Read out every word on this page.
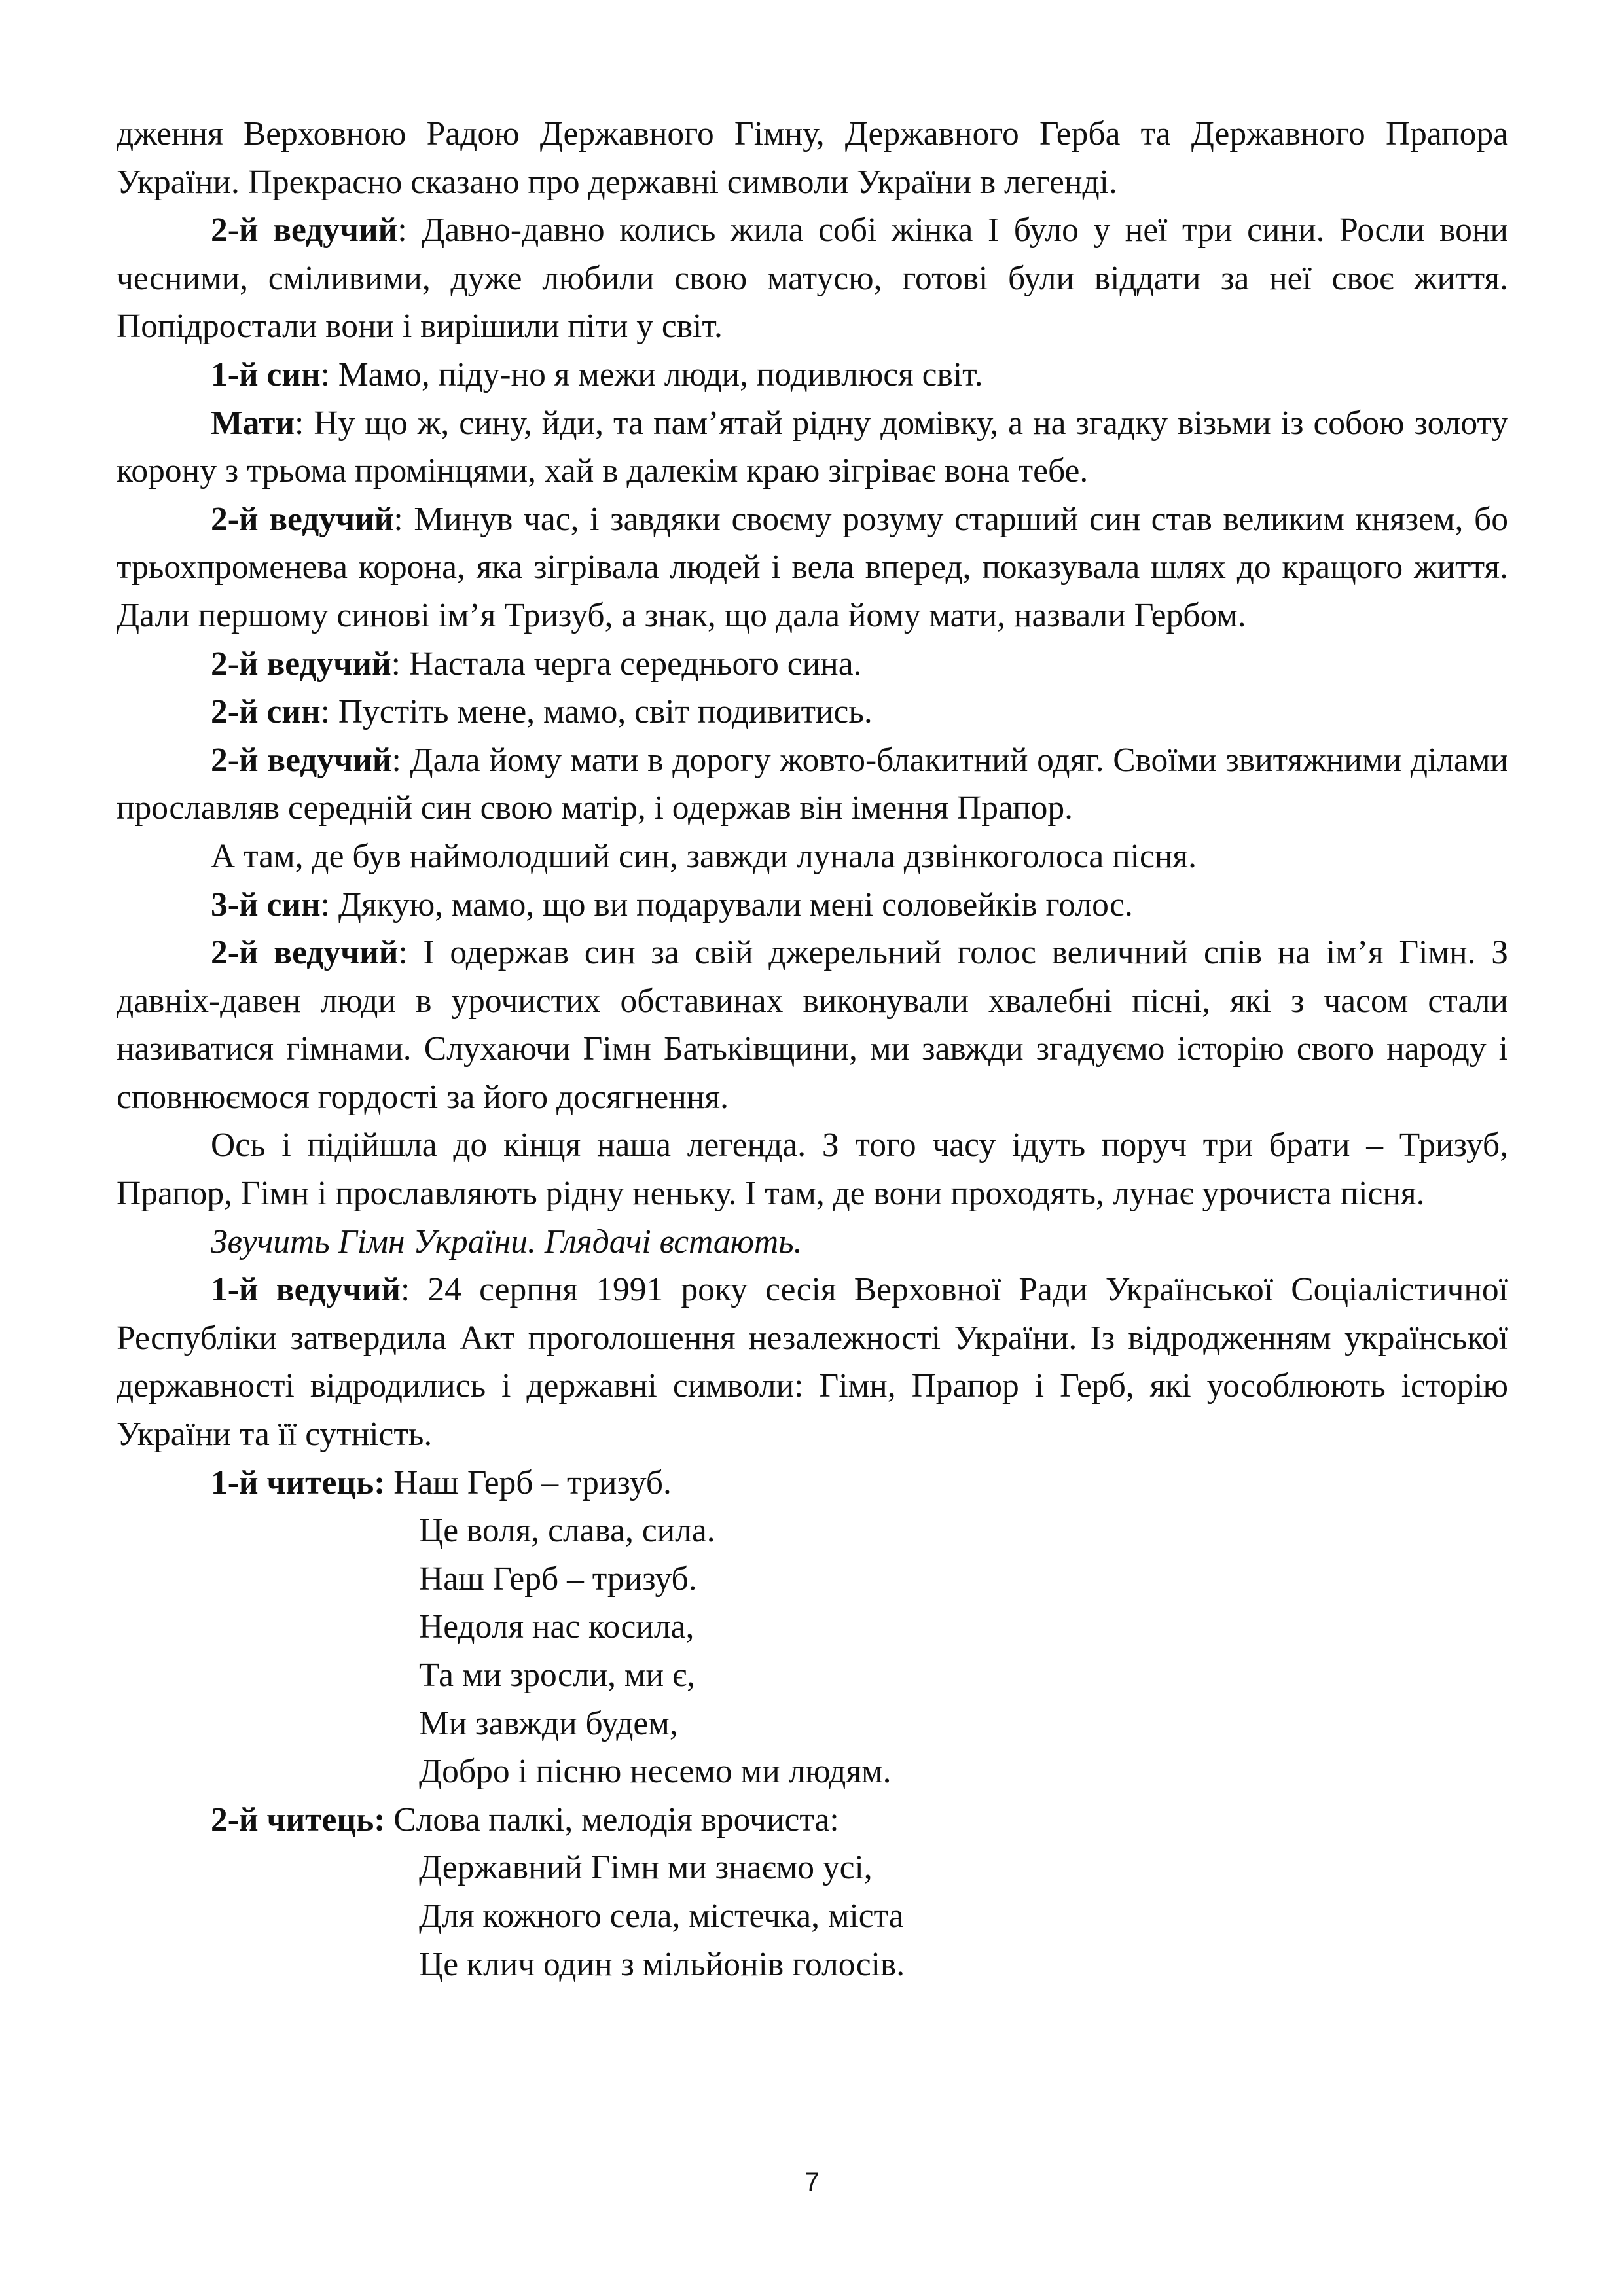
дження Верховною Радою Державного Гімну, Державного Герба та Державного Прапора України. Прекрасно сказано про державні символи України в легенді.

2-й ведучий: Давно-давно колись жила собі жінка І було у неї три сини. Росли вони чесними, сміливими, дуже любили свою матусю, готові були віддати за неї своє життя. Попідростали вони і вирішили піти у світ.

1-й син: Мамо, піду-но я межи люди, подивлюся світ.

Мати: Ну що ж, сину, йди, та пам’ятай рідну домівку, а на згадку візьми із собою золоту корону з трьома промінцями, хай в далекім краю зігріває вона тебе.

2-й ведучий: Минув час, і завдяки своєму розуму старший син став великим князем, бо трьохпроменева корона, яка зігрівала людей і вела вперед, показувала шлях до кращого життя. Дали першому синові ім’я Тризуб, а знак, що дала йому мати, назвали Гербом.

2-й ведучий: Настала черга середнього сина.

2-й син: Пустіть мене, мамо, світ подивитись.

2-й ведучий: Дала йому мати в дорогу жовто-блакитний одяг. Своїми звитяжними ділами прославляв середній син свою матір, і одержав він імення Прапор.

А там, де був наймолодший син, завжди лунала дзвінкоголоса пісня.

3-й син: Дякую, мамо, що ви подарували мені соловейків голос.

2-й ведучий: І одержав син за свій джерельний голос величний спів на ім’я Гімн. З давніх-давен люди в урочистих обставинах виконували хвалебні пісні, які з часом стали називатися гімнами. Слухаючи Гімн Батьківщини, ми завжди згадуємо історію свого народу і сповнюємося гордості за його досягнення.

Ось і підійшла до кінця наша легенда. З того часу ідуть поруч три брати – Тризуб, Прапор, Гімн і прославляють рідну неньку. І там, де вони проходять, лунає урочиста пісня.

Звучить Гімн України. Глядачі встають.

1-й ведучий: 24 серпня 1991 року сесія Верховної Ради Української Соціалістичної Республіки затвердила Акт проголошення незалежності України. Із відродженням української державності відродились і державні символи: Гімн, Прапор і Герб, які уособлюють історію України та її сутність.

1-й читець: Наш Герб – тризуб.

Це воля, слава, сила.

Наш Герб – тризуб.

Недоля нас косила,

Та ми зросли, ми є,

Ми завжди будем,

Добро і пісню несемо ми людям.

2-й читець: Слова палкі, мелодія врочиста:

Державний Гімн ми знаємо усі,

Для кожного села, містечка, міста

Це клич один з мільйонів голосів.

7
